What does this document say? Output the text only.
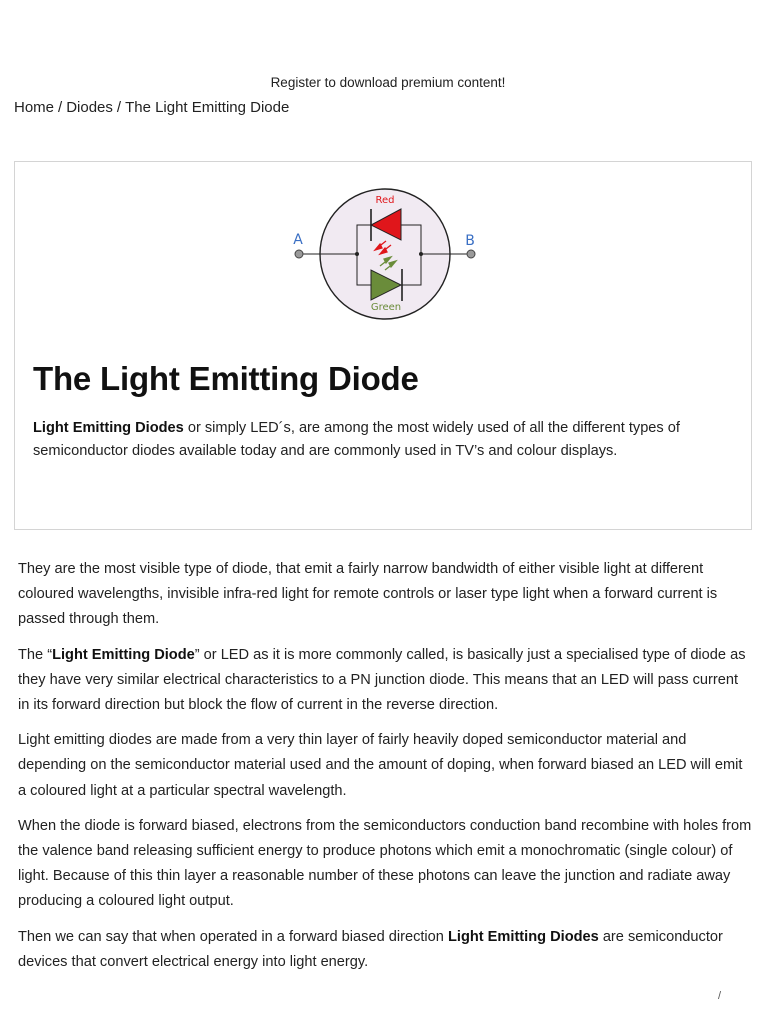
Register to download premium content!
Home / Diodes / The Light Emitting Diode
Red
Green
A	B
The Light Emitting Diode

Light Emitting Diodes or simply LED´s, are among the most widely used of all the different types of semiconductor diodes available today and are commonly used in TV’s and colour displays.

They are the most visible type of diode, that emit a fairly narrow bandwidth of either visible light at different coloured wavelengths, invisible infra-red light for remote controls or laser type light when a forward current is passed through them.

The “Light Emitting Diode” or LED as it is more commonly called, is basically just a specialised type of diode as they have very similar electrical characteristics to a PN junction diode. This means that an LED will pass current in its forward direction but block the flow of current in the reverse direction.

Light emitting diodes are made from a very thin layer of fairly heavily doped semiconductor material and depending on the semiconductor material used and the amount of doping, when forward biased an LED will emit a coloured light at a particular spectral wavelength.

When the diode is forward biased, electrons from the semiconductors conduction band recombine with holes from the valence band releasing sufficient energy to produce photons which emit a monochromatic (single colour) of light. Because of this thin layer a reasonable number of these photons can leave the junction and radiate away producing a coloured light output.

Then we can say that when operated in a forward biased direction Light Emitting Diodes are semiconductor devices that convert electrical energy into light energy.

/
